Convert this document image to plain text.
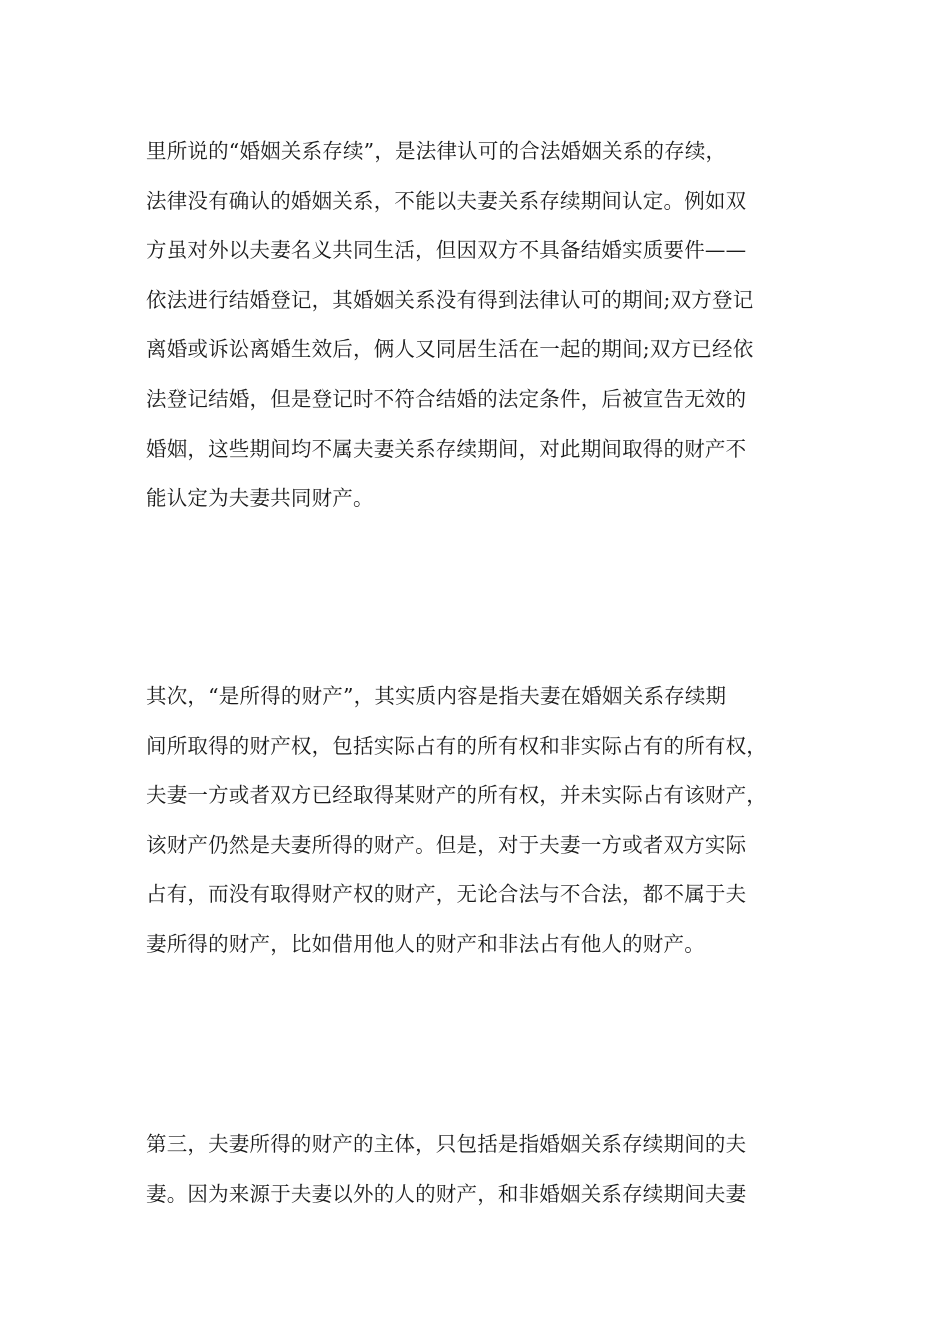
里所说的“婚姻关系存续”，是法律认可的合法婚姻关系的存续，
法律没有确认的婚姻关系，不能以夫妻关系存续期间认定。例如双
方虽对外以夫妻名义共同生活，但因双方不具备结婚实质要件——
依法进行结婚登记，其婚姻关系没有得到法律认可的期间;双方登记
离婚或诉讼离婚生效后，俩人又同居生活在一起的期间;双方已经依
法登记结婚，但是登记时不符合结婚的法定条件，后被宣告无效的
婚姻，这些期间均不属夫妻关系存续期间，对此期间取得的财产不
能认定为夫妻共同财产。
其次，“是所得的财产”，其实质内容是指夫妻在婚姻关系存续期
间所取得的财产权，包括实际占有的所有权和非实际占有的所有权，
夫妻一方或者双方已经取得某财产的所有权，并未实际占有该财产，
该财产仍然是夫妻所得的财产。但是，对于夫妻一方或者双方实际
占有，而没有取得财产权的财产，无论合法与不合法，都不属于夫
妻所得的财产，比如借用他人的财产和非法占有他人的财产。
第三，夫妻所得的财产的主体，只包括是指婚姻关系存续期间的夫
妻。因为来源于夫妻以外的人的财产，和非婚姻关系存续期间夫妻
